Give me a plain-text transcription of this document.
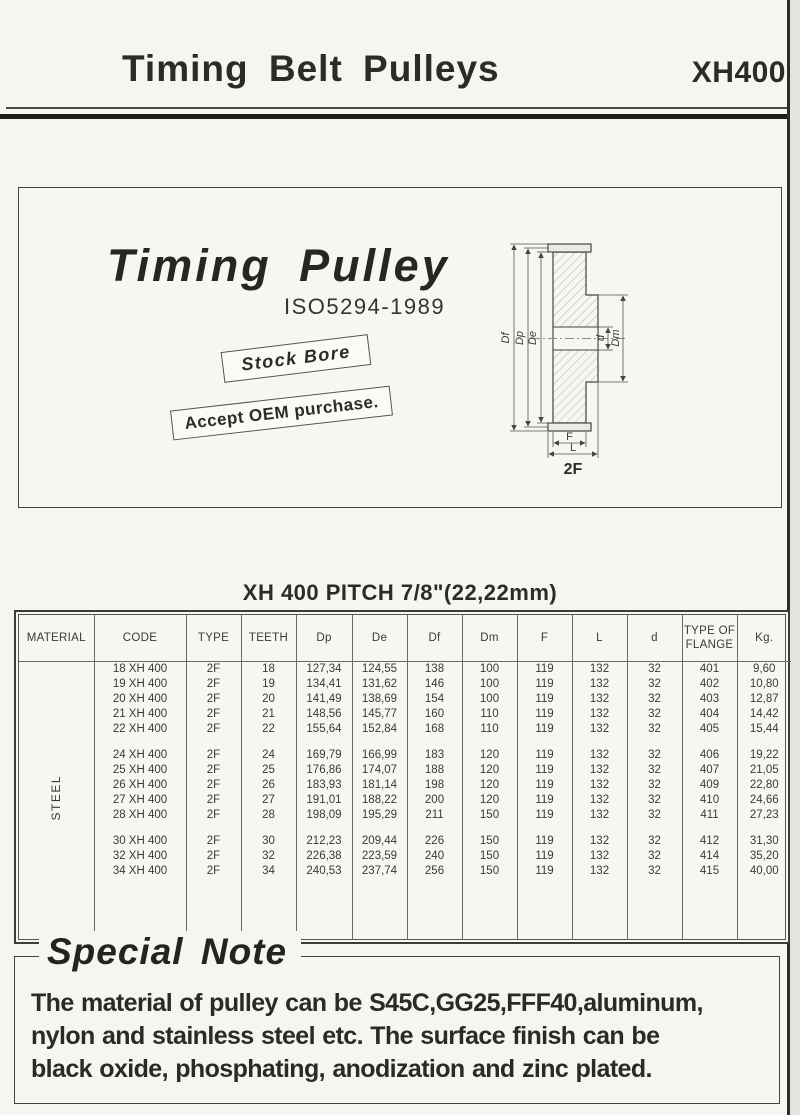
Timing Belt Pulleys	XH400
Timing Pulley
ISO5294-1989
Stock Bore
Accept OEM purchase.
Df Dp De	d Dm
F
L
2F
XH 400 PITCH 7/8"(22,22mm)
MATERIAL	CODE	TYPE	TEETH	Dp	De	Df	Dm	F	L	d	TYPE OF FLANGE	Kg.
STEEL	18 XH 400	2F	18	127,34	124,55	138	100	119	132	32	401	9,60
	19 XH 400	2F	19	134,41	131,62	146	100	119	132	32	402	10,80
	20 XH 400	2F	20	141,49	138,69	154	100	119	132	32	403	12,87
	21 XH 400	2F	21	148,56	145,77	160	110	119	132	32	404	14,42
	22 XH 400	2F	22	155,64	152,84	168	110	119	132	32	405	15,44

	24 XH 400	2F	24	169,79	166,99	183	120	119	132	32	406	19,22
	25 XH 400	2F	25	176,86	174,07	188	120	119	132	32	407	21,05
	26 XH 400	2F	26	183,93	181,14	198	120	119	132	32	409	22,80
	27 XH 400	2F	27	191,01	188,22	200	120	119	132	32	410	24,66
	28 XH 400	2F	28	198,09	195,29	211	150	119	132	32	411	27,23

	30 XH 400	2F	30	212,23	209,44	226	150	119	132	32	412	31,30
	32 XH 400	2F	32	226,38	223,59	240	150	119	132	32	414	35,20
	34 XH 400	2F	34	240,53	237,74	256	150	119	132	32	415	40,00

Special Note
The material of pulley can be S45C,GG25,FFF40,aluminum,
nylon and stainless steel etc. The surface finish can be
black oxide, phosphating, anodization and zinc plated.
